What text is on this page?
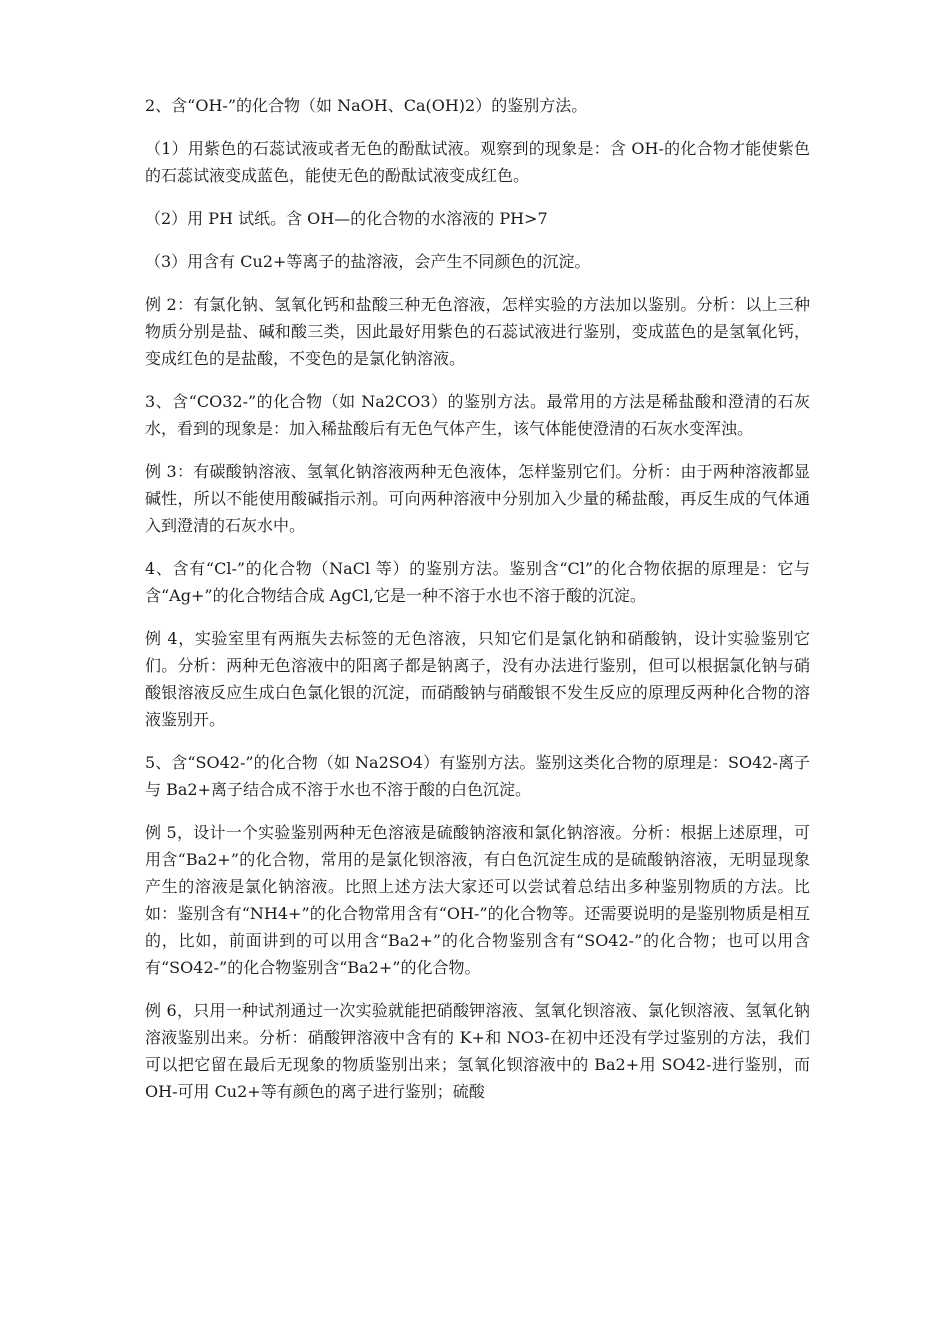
2、含“OH-”的化合物（如 NaOH、Ca(OH)2）的鉴别方法。

（1）用紫色的石蕊试液或者无色的酚酞试液。观察到的现象是：含 OH-的化合物才能使紫色的石蕊试液变成蓝色，能使无色的酚酞试液变成红色。

（2）用 PH 试纸。含 OH—的化合物的水溶液的 PH>7

（3）用含有 Cu2+等离子的盐溶液，会产生不同颜色的沉淀。

例 2：有氯化钠、氢氧化钙和盐酸三种无色溶液，怎样实验的方法加以鉴别。分析：以上三种物质分别是盐、碱和酸三类，因此最好用紫色的石蕊试液进行鉴别，变成蓝色的是氢氧化钙，变成红色的是盐酸，不变色的是氯化钠溶液。

3、含“CO32-”的化合物（如 Na2CO3）的鉴别方法。最常用的方法是稀盐酸和澄清的石灰水，看到的现象是：加入稀盐酸后有无色气体产生，该气体能使澄清的石灰水变浑浊。

例 3：有碳酸钠溶液、氢氧化钠溶液两种无色液体，怎样鉴别它们。分析：由于两种溶液都显碱性，所以不能使用酸碱指示剂。可向两种溶液中分别加入少量的稀盐酸，再反生成的气体通入到澄清的石灰水中。

4、含有“Cl-”的化合物（NaCl 等）的鉴别方法。鉴别含“Cl”的化合物依据的原理是：它与含“Ag+”的化合物结合成 AgCl,它是一种不溶于水也不溶于酸的沉淀。

例 4，实验室里有两瓶失去标签的无色溶液，只知它们是氯化钠和硝酸钠，设计实验鉴别它们。分析：两种无色溶液中的阳离子都是钠离子，没有办法进行鉴别，但可以根据氯化钠与硝酸银溶液反应生成白色氯化银的沉淀，而硝酸钠与硝酸银不发生反应的原理反两种化合物的溶液鉴别开。

5、含“SO42-”的化合物（如 Na2SO4）有鉴别方法。鉴别这类化合物的原理是：SO42-离子与 Ba2+离子结合成不溶于水也不溶于酸的白色沉淀。

例 5，设计一个实验鉴别两种无色溶液是硫酸钠溶液和氯化钠溶液。分析：根据上述原理，可用含“Ba2+”的化合物，常用的是氯化钡溶液，有白色沉淀生成的是硫酸钠溶液，无明显现象产生的溶液是氯化钠溶液。比照上述方法大家还可以尝试着总结出多种鉴别物质的方法。比如：鉴别含有“NH4+”的化合物常用含有“OH-”的化合物等。还需要说明的是鉴别物质是相互的，比如，前面讲到的可以用含“Ba2+”的化合物鉴别含有“SO42-”的化合物；也可以用含有“SO42-”的化合物鉴别含“Ba2+”的化合物。

例 6，只用一种试剂通过一次实验就能把硝酸钾溶液、氢氧化钡溶液、氯化钡溶液、氢氧化钠溶液鉴别出来。分析：硝酸钾溶液中含有的 K+和 NO3-在初中还没有学过鉴别的方法，我们可以把它留在最后无现象的物质鉴别出来；氢氧化钡溶液中的 Ba2+用 SO42-进行鉴别，而 OH-可用 Cu2+等有颜色的离子进行鉴别；硫酸
